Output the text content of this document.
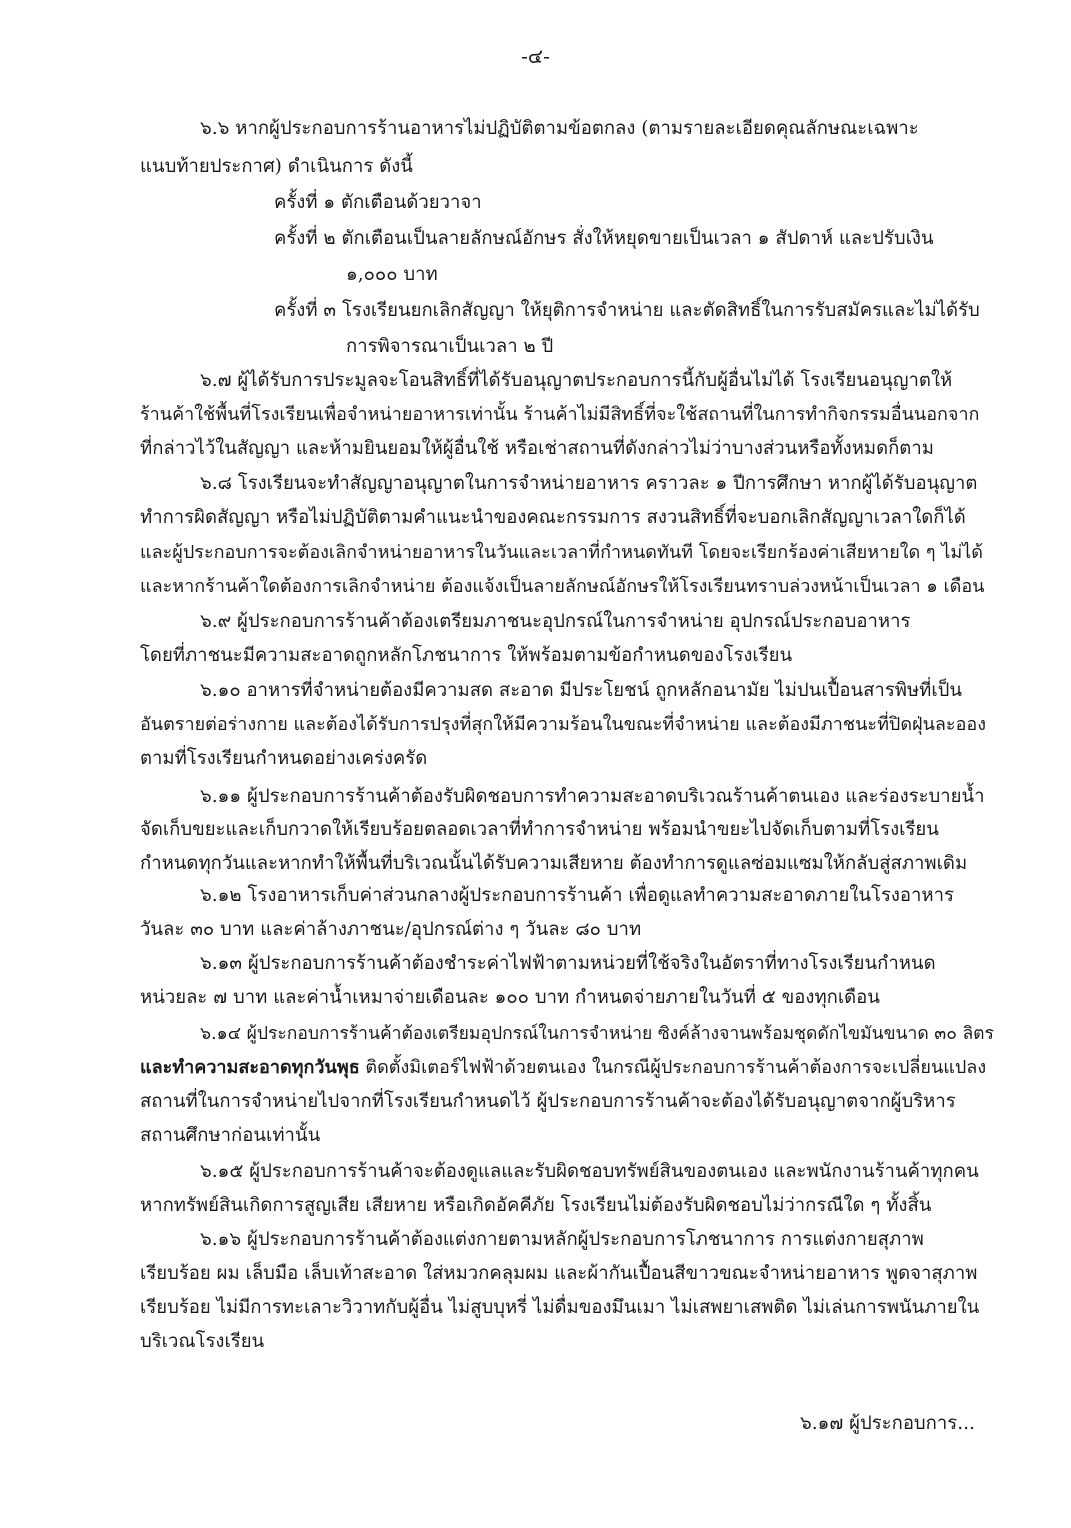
-๔-
๖.๖ หากผู้ประกอบการร้านอาหารไม่ปฏิบัติตามข้อตกลง (ตามรายละเอียดคุณลักษณะเฉพาะ
แนบท้ายประกาศ) ดำเนินการ ดังนี้
ครั้งที่ ๑ ตักเตือนด้วยวาจา
ครั้งที่ ๒ ตักเตือนเป็นลายลักษณ์อักษร สั่งให้หยุดขายเป็นเวลา ๑ สัปดาห์ และปรับเงิน
๑,๐๐๐ บาท
ครั้งที่ ๓ โรงเรียนยกเลิกสัญญา ให้ยุติการจำหน่าย และตัดสิทธิ์ในการรับสมัครและไม่ได้รับ
การพิจารณาเป็นเวลา ๒ ปี
๖.๗ ผู้ได้รับการประมูลจะโอนสิทธิ์ที่ได้รับอนุญาตประกอบการนี้กับผู้อื่นไม่ได้ โรงเรียนอนุญาตให้
ร้านค้าใช้พื้นที่โรงเรียนเพื่อจำหน่ายอาหารเท่านั้น ร้านค้าไม่มีสิทธิ์ที่จะใช้สถานที่ในการทำกิจกรรมอื่นนอกจาก
ที่กล่าวไว้ในสัญญา และห้ามยินยอมให้ผู้อื่นใช้ หรือเช่าสถานที่ดังกล่าวไม่ว่าบางส่วนหรือทั้งหมดก็ตาม
๖.๘ โรงเรียนจะทำสัญญาอนุญาตในการจำหน่ายอาหาร คราวละ ๑ ปีการศึกษา หากผู้ได้รับอนุญาต
ทำการผิดสัญญา หรือไม่ปฏิบัติตามคำแนะนำของคณะกรรมการ สงวนสิทธิ์ที่จะบอกเลิกสัญญาเวลาใดก็ได้
และผู้ประกอบการจะต้องเลิกจำหน่ายอาหารในวันและเวลาที่กำหนดทันที โดยจะเรียกร้องค่าเสียหายใด ๆ ไม่ได้
และหากร้านค้าใดต้องการเลิกจำหน่าย ต้องแจ้งเป็นลายลักษณ์อักษรให้โรงเรียนทราบล่วงหน้าเป็นเวลา ๑ เดือน
๖.๙ ผู้ประกอบการร้านค้าต้องเตรียมภาชนะอุปกรณ์ในการจำหน่าย อุปกรณ์ประกอบอาหาร
โดยที่ภาชนะมีความสะอาดถูกหลักโภชนาการ ให้พร้อมตามข้อกำหนดของโรงเรียน
๖.๑๐ อาหารที่จำหน่ายต้องมีความสด สะอาด มีประโยชน์ ถูกหลักอนามัย ไม่ปนเปื้อนสารพิษที่เป็น
อันตรายต่อร่างกาย และต้องได้รับการปรุงที่สุกให้มีความร้อนในขณะที่จำหน่าย และต้องมีภาชนะที่ปิดฝุ่นละออง
ตามที่โรงเรียนกำหนดอย่างเคร่งครัด
๖.๑๑ ผู้ประกอบการร้านค้าต้องรับผิดชอบการทำความสะอาดบริเวณร้านค้าตนเอง และร่องระบายน้ำ
จัดเก็บขยะและเก็บกวาดให้เรียบร้อยตลอดเวลาที่ทำการจำหน่าย พร้อมนำขยะไปจัดเก็บตามที่โรงเรียน
กำหนดทุกวันและหากทำให้พื้นที่บริเวณนั้นได้รับความเสียหาย ต้องทำการดูแลซ่อมแซมให้กลับสู่สภาพเดิม
๖.๑๒ โรงอาหารเก็บค่าส่วนกลางผู้ประกอบการร้านค้า เพื่อดูแลทำความสะอาดภายในโรงอาหาร
วันละ ๓๐ บาท และค่าล้างภาชนะ/อุปกรณ์ต่าง ๆ วันละ ๘๐ บาท
๖.๑๓ ผู้ประกอบการร้านค้าต้องชำระค่าไฟฟ้าตามหน่วยที่ใช้จริงในอัตราที่ทางโรงเรียนกำหนด
หน่วยละ ๗ บาท และค่าน้ำเหมาจ่ายเดือนละ ๑๐๐ บาท กำหนดจ่ายภายในวันที่ ๕ ของทุกเดือน
๖.๑๔ ผู้ประกอบการร้านค้าต้องเตรียมอุปกรณ์ในการจำหน่าย ซิงค์ล้างจานพร้อมชุดดักไขมันขนาด ๓๐ ลิตร
และทำความสะอาดทุกวันพุธ ติดตั้งมิเตอร์ไฟฟ้าด้วยตนเอง ในกรณีผู้ประกอบการร้านค้าต้องการจะเปลี่ยนแปลง
สถานที่ในการจำหน่ายไปจากที่โรงเรียนกำหนดไว้ ผู้ประกอบการร้านค้าจะต้องได้รับอนุญาตจากผู้บริหาร
สถานศึกษาก่อนเท่านั้น
๖.๑๕ ผู้ประกอบการร้านค้าจะต้องดูแลและรับผิดชอบทรัพย์สินของตนเอง และพนักงานร้านค้าทุกคน
หากทรัพย์สินเกิดการสูญเสีย เสียหาย หรือเกิดอัคคีภัย โรงเรียนไม่ต้องรับผิดชอบไม่ว่ากรณีใด ๆ ทั้งสิ้น
๖.๑๖ ผู้ประกอบการร้านค้าต้องแต่งกายตามหลักผู้ประกอบการโภชนาการ การแต่งกายสุภาพ
เรียบร้อย ผม เล็บมือ เล็บเท้าสะอาด ใส่หมวกคลุมผม และผ้ากันเปื้อนสีขาวขณะจำหน่ายอาหาร พูดจาสุภาพ
เรียบร้อย ไม่มีการทะเลาะวิวาทกับผู้อื่น ไม่สูบบุหรี่ ไม่ดื่มของมึนเมา ไม่เสพยาเสพติด ไม่เล่นการพนันภายใน
บริเวณโรงเรียน
๖.๑๗ ผู้ประกอบการ...
